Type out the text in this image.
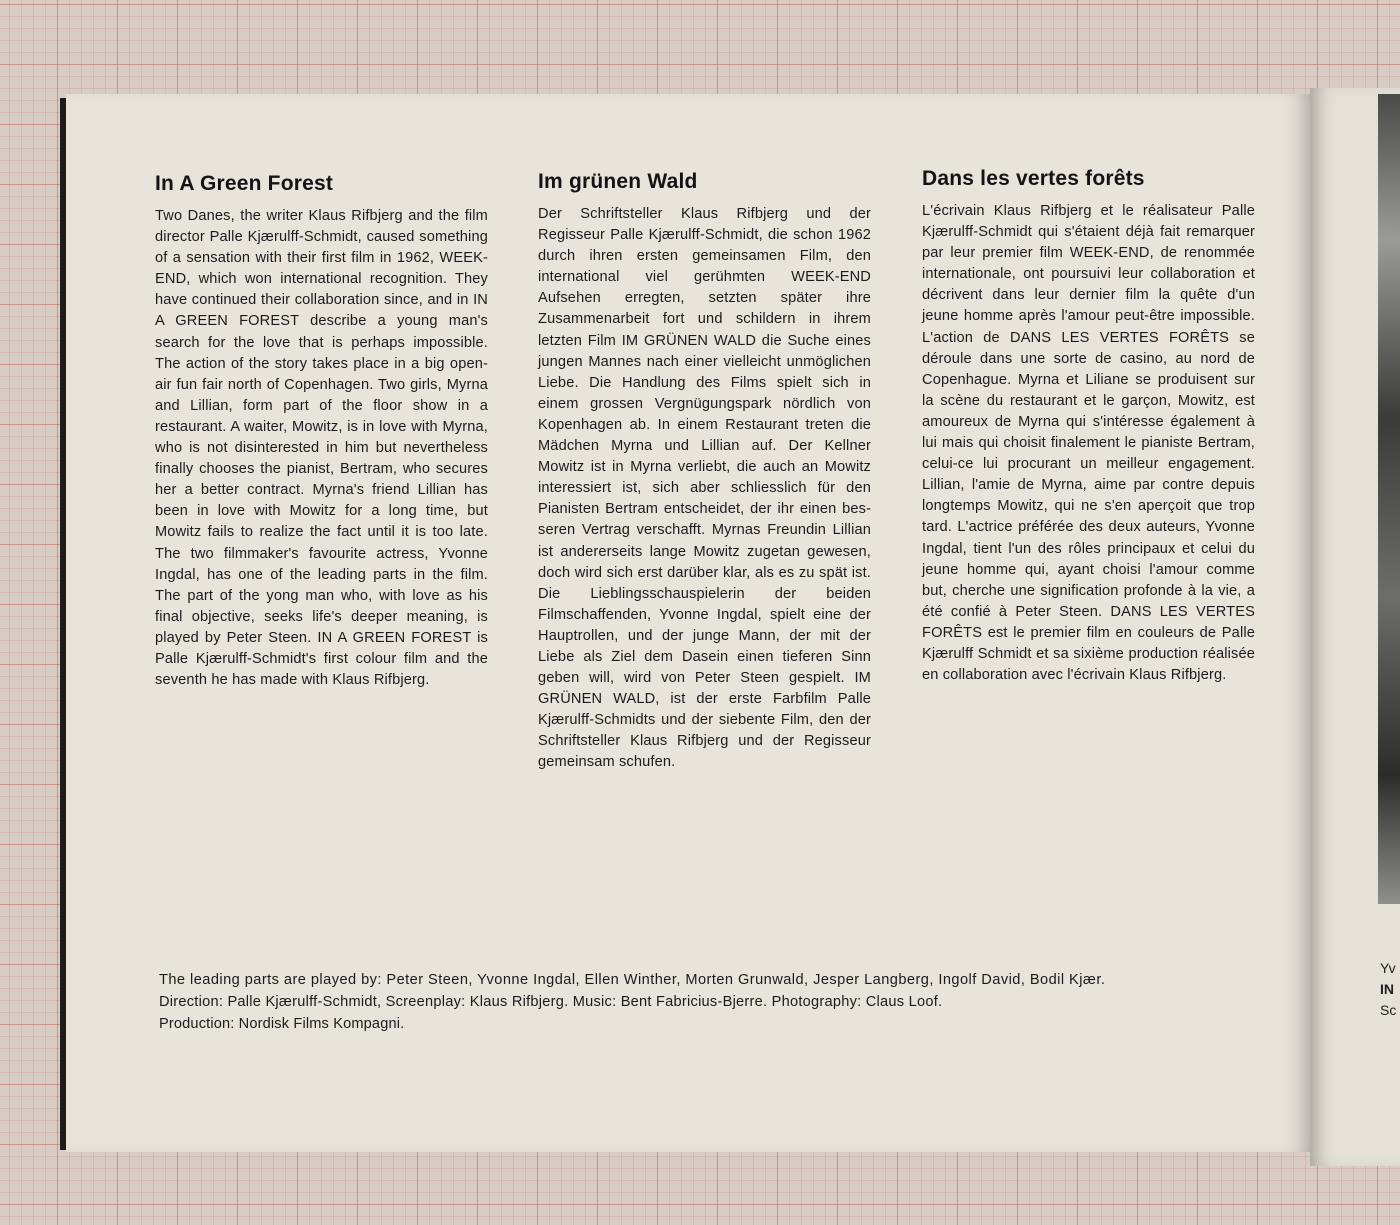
Yv
IN
Sc
In A Green Forest

Two Danes, the writer Klaus Rifbjerg and the film director Palle Kjærulff-Schmidt, caused something of a sensation with their first film in 1962, WEEK-END, which won international recognition. They have continued their collaboration since, and in IN A GREEN FOREST describe a young man's search for the love that is perhaps impossible. The action of the story takes place in a big open-air fun fair north of Copenhagen. Two girls, Myrna and Lillian, form part of the floor show in a restaurant. A waiter, Mowitz, is in love with Myrna, who is not disinterested in him but nevertheless finally chooses the pianist, Bertram, who secures her a better contract. Myrna's friend Lillian has been in love with Mowitz for a long time, but Mowitz fails to realize the fact until it is too late. The two filmmaker's favourite actress, Yvonne Ingdal, has one of the leading parts in the film. The part of the yong man who, with love as his final objective, seeks life's deeper meaning, is played by Peter Steen. IN A GREEN FOREST is Palle Kjærulff-Schmidt's first colour film and the seventh he has made with Klaus Rifbjerg.

Im grünen Wald

Der Schriftsteller Klaus Rifbjerg und der Regisseur Palle Kjærulff-Schmidt, die schon 1962 durch ihren ersten gemeinsamen Film, den international viel gerühmten WEEK-END Aufsehen erregten, setzten später ihre Zusammenarbeit fort und schildern in ihrem letzten Film IM GRÜNEN WALD die Suche eines jungen Mannes nach einer vielleicht unmöglichen Liebe. Die Handlung des Films spielt sich in einem grossen Vergnügungspark nördlich von Kopenhagen ab. In einem Restaurant treten die Mädchen Myrna und Lillian auf. Der Kellner Mowitz ist in Myrna verliebt, die auch an Mowitz interessiert ist, sich aber schliesslich für den Pianisten Bertram entscheidet, der ihr einen besseren Vertrag verschafft. Myrnas Freundin Lillian ist andererseits lange Mowitz zugetan gewesen, doch wird sich erst darüber klar, als es zu spät ist. Die Lieblingsschauspielerin der beiden Filmschaffenden, Yvonne Ingdal, spielt eine der Hauptrollen, und der junge Mann, der mit der Liebe als Ziel dem Dasein einen tieferen Sinn geben will, wird von Peter Steen gespielt. IM GRÜNEN WALD, ist der erste Farbfilm Palle Kjærulff-Schmidts und der siebente Film, den der Schriftsteller Klaus Rifbjerg und der Regisseur gemeinsam schufen.

Dans les vertes forêts

L'écrivain Klaus Rifbjerg et le réalisateur Palle Kjærulff-Schmidt qui s'étaient déjà fait remarquer par leur premier film WEEK-END, de renommée internationale, ont poursuivi leur collaboration et décrivent dans leur dernier film la quête d'un jeune homme après l'amour peut-être impossible. L'action de DANS LES VERTES FORÊTS se déroule dans une sorte de casino, au nord de Copenhague. Myrna et Liliane se produisent sur la scène du restaurant et le garçon, Mowitz, est amoureux de Myrna qui s'intéresse également à lui mais qui choisit finalement le pianiste Bertram, celui-ce lui procurant un meilleur engagement. Lillian, l'amie de Myrna, aime par contre depuis longtemps Mowitz, qui ne s'en aperçoit que trop tard. L'actrice préférée des deux auteurs, Yvonne Ingdal, tient l'un des rôles principaux et celui du jeune homme qui, ayant choisi l'amour comme but, cherche une signification profonde à la vie, a été confié à Peter Steen. DANS LES VERTES FORÊTS est le premier film en couleurs de Palle Kjærulff Schmidt et sa sixième production réalisée en collaboration avec l'écrivain Klaus Rifbjerg.

The leading parts are played by: Peter Steen, Yvonne Ingdal, Ellen Winther, Morten Grunwald, Jesper Langberg, Ingolf David, Bodil Kjær.
Direction: Palle Kjærulff-Schmidt, Screenplay: Klaus Rifbjerg. Music: Bent Fabricius-Bjerre. Photography: Claus Loof.
Production: Nordisk Films Kompagni.
